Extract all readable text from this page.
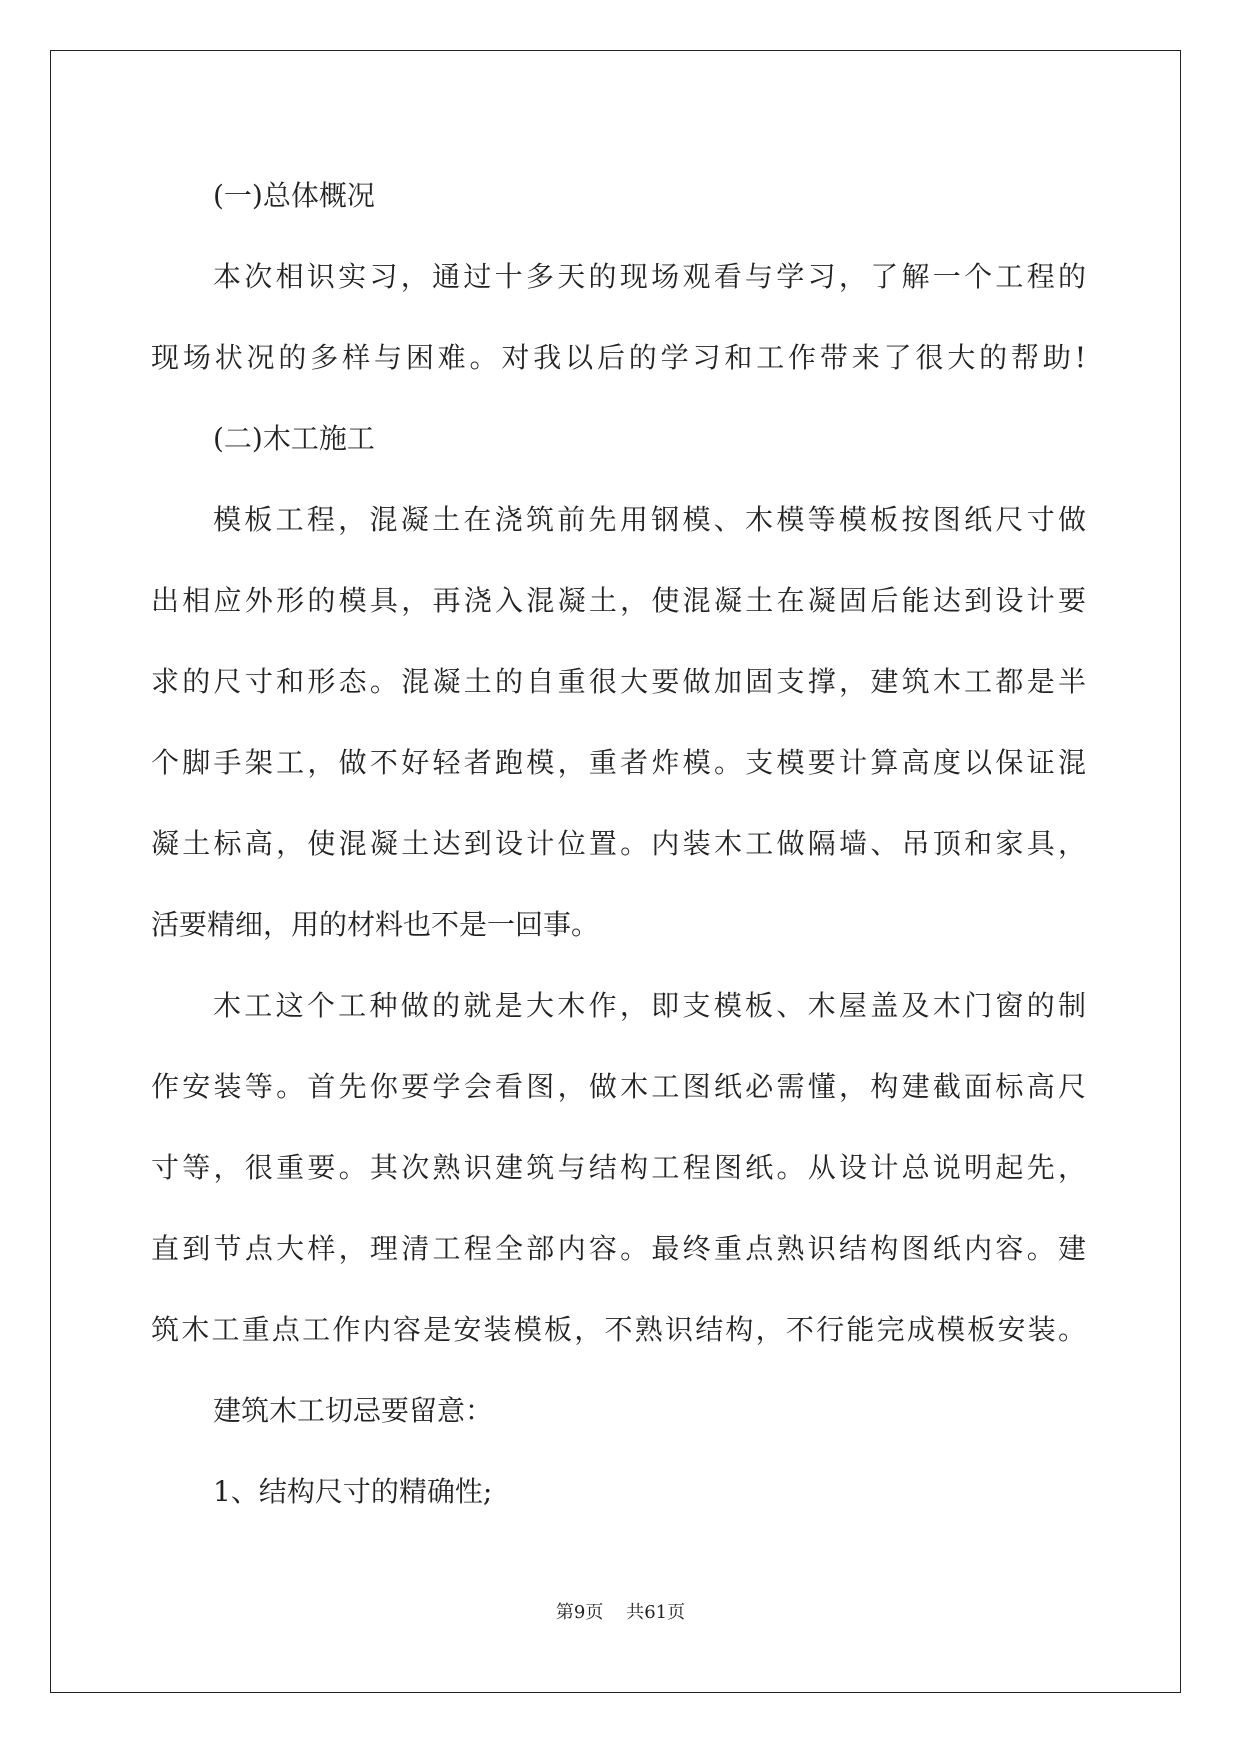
(一)总体概况
本次相识实习，通过十多天的现场观看与学习，了解一个工程的
现场状况的多样与困难。对我以后的学习和工作带来了很大的帮助!
(二)木工施工
模板工程，混凝土在浇筑前先用钢模、木模等模板按图纸尺寸做
出相应外形的模具，再浇入混凝土，使混凝土在凝固后能达到设计要
求的尺寸和形态。混凝土的自重很大要做加固支撑，建筑木工都是半
个脚手架工，做不好轻者跑模，重者炸模。支模要计算高度以保证混
凝土标高，使混凝土达到设计位置。内装木工做隔墙、吊顶和家具，
活要精细，用的材料也不是一回事。
木工这个工种做的就是大木作，即支模板、木屋盖及木门窗的制
作安装等。首先你要学会看图，做木工图纸必需懂，构建截面标高尺
寸等，很重要。其次熟识建筑与结构工程图纸。从设计总说明起先，
直到节点大样，理清工程全部内容。最终重点熟识结构图纸内容。建
筑木工重点工作内容是安装模板，不熟识结构，不行能完成模板安装。
建筑木工切忌要留意：
1、结构尺寸的精确性;
第9页 共61页
